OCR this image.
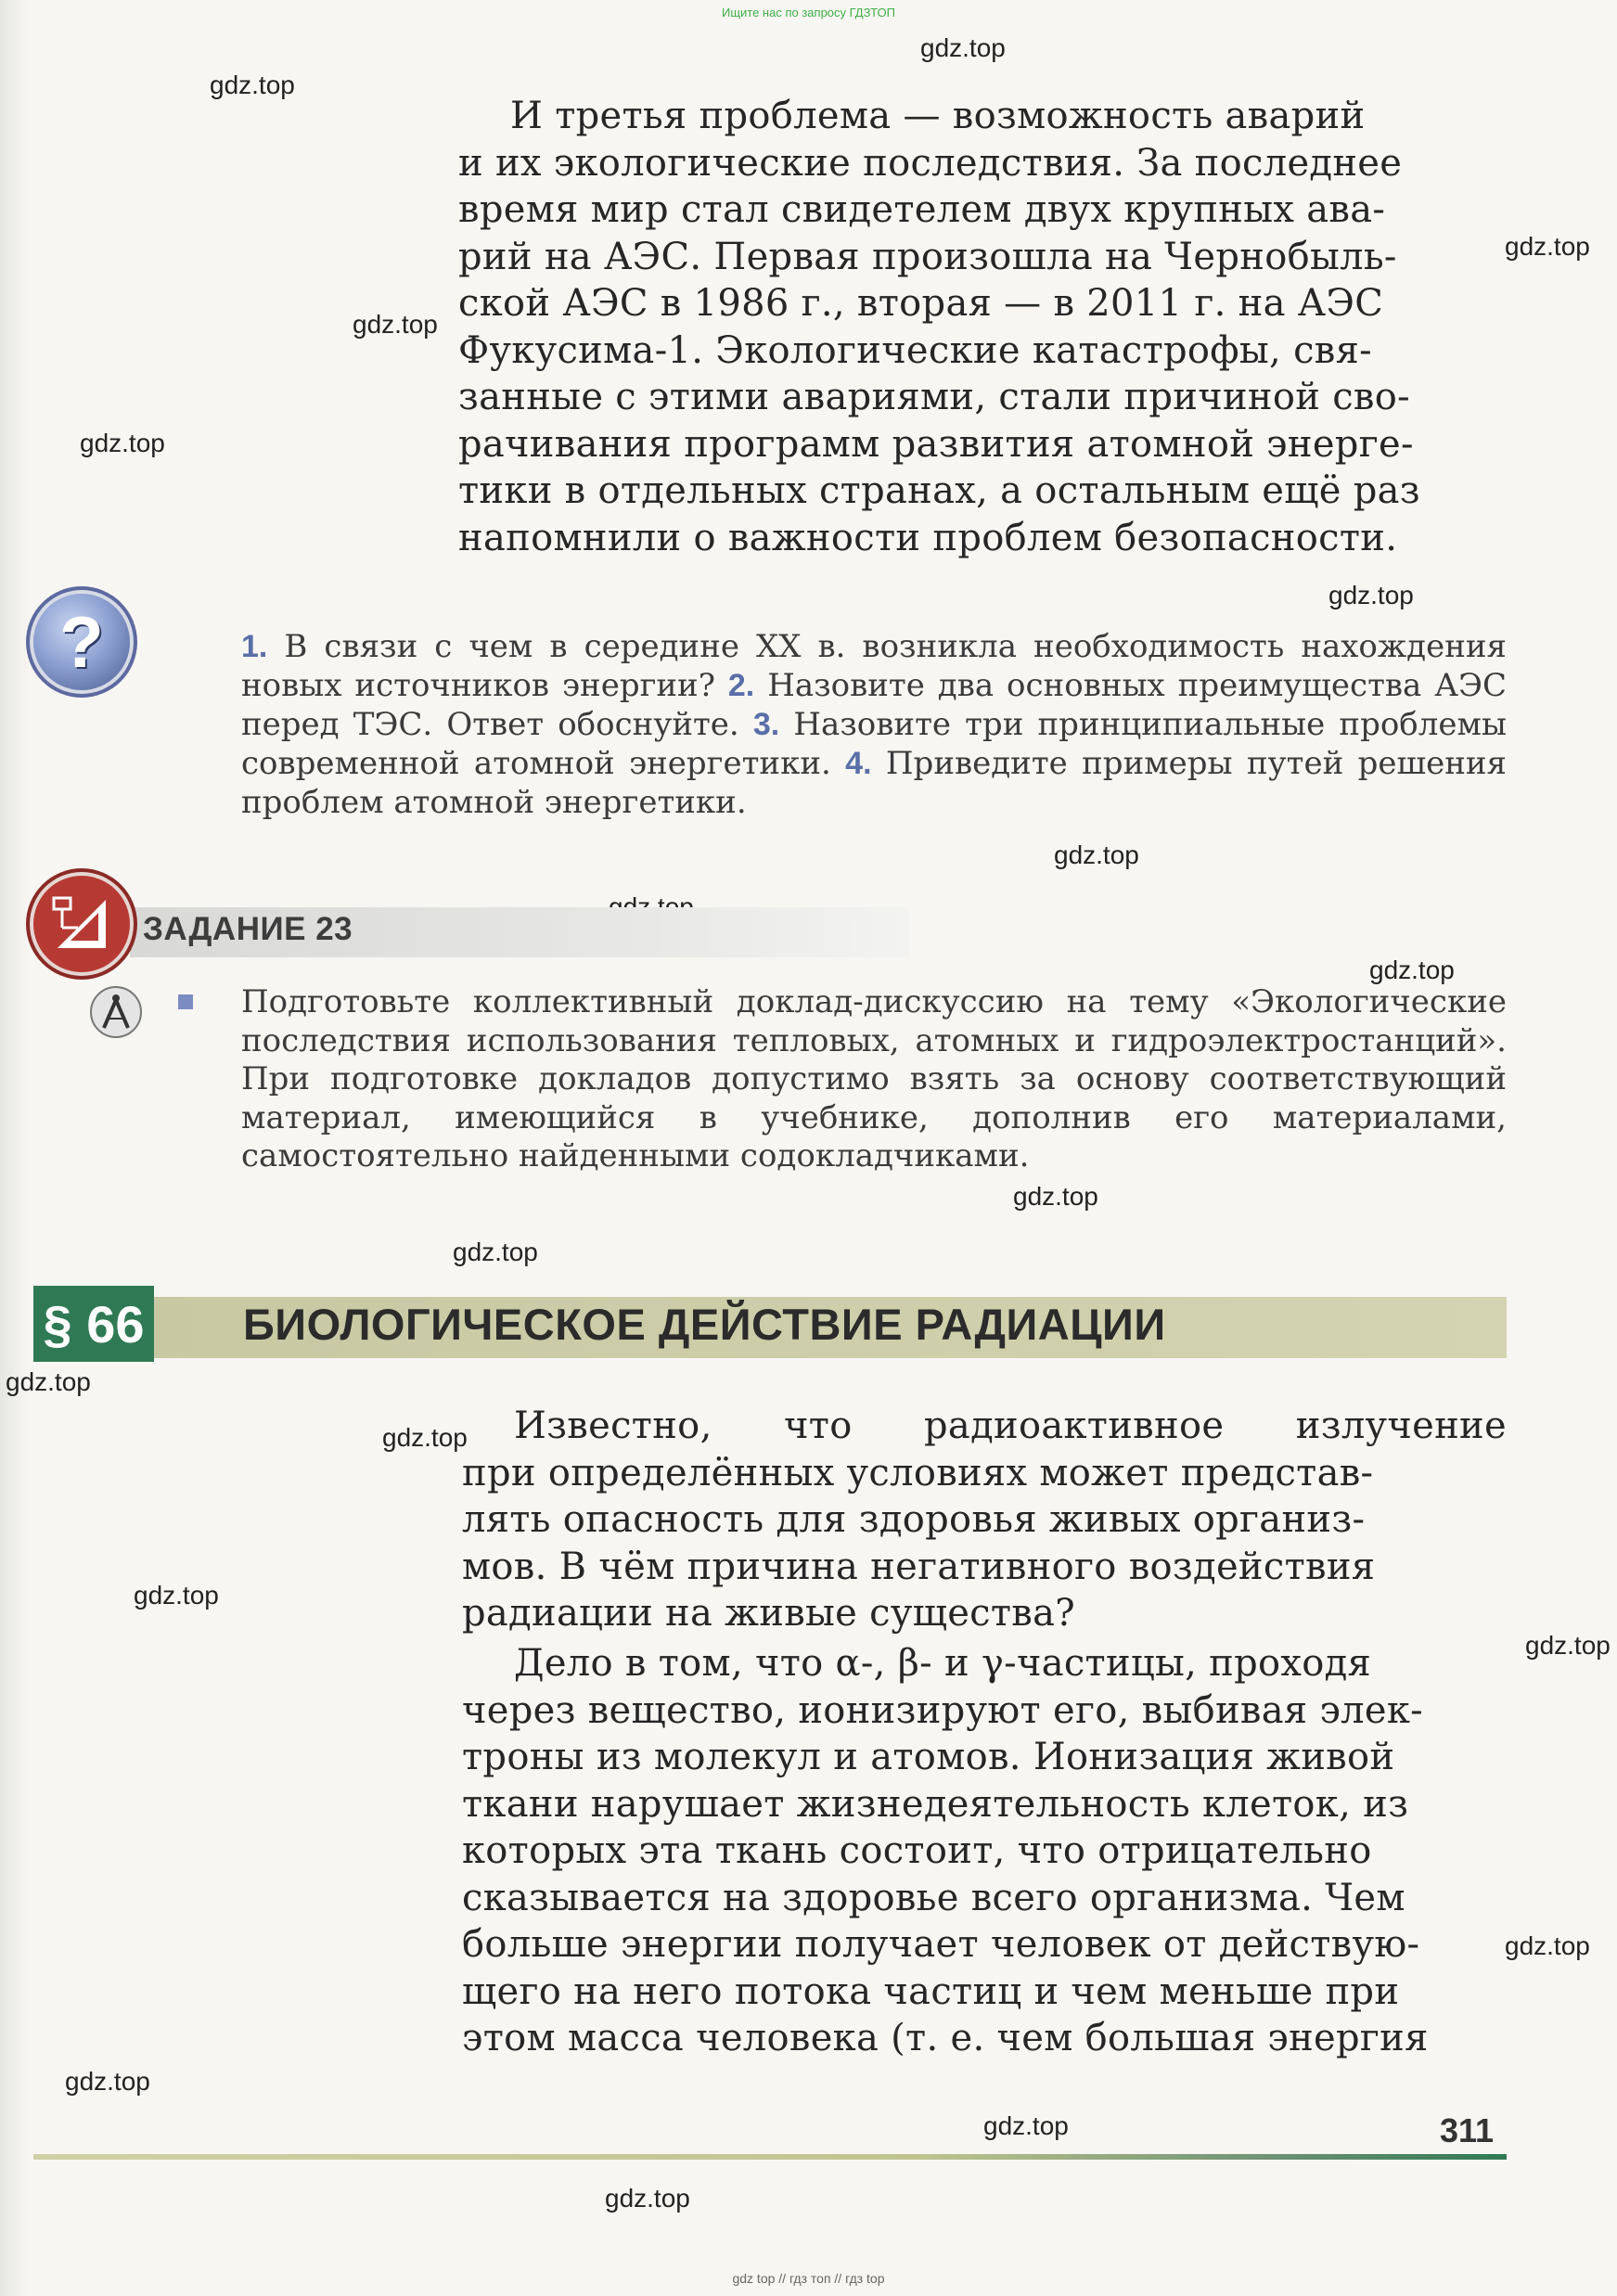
Ищите нас по запросу ГДЗТОП
gdz.top
gdz.top
gdz.top
gdz.top
gdz.top
gdz.top
gdz.top
gdz.top
gdz.top
gdz.top
gdz.top
gdz.top
gdz.top
gdz.top
gdz.top
gdz.top
gdz.top
gdz.top
И третья проблема — возможность аварий
и их экологические последствия. За последнее
время мир стал свидетелем двух крупных ава-
рий на АЭС. Первая произошла на Чернобыль-
ской АЭС в 1986 г., вторая — в 2011 г. на АЭС
Фукусима-1. Экологические катастрофы, свя-
занные с этими авариями, стали причиной сво-
рачивания программ развития атомной энерге-
тики в отдельных странах, а остальным ещё раз
напомнили о важности проблем безопасности.
?	1. В связи с чем в середине XX в. возникла необходимость нахождения новых источников энергии? 2. Назовите два основных преимущества АЭС перед ТЭС. Ответ обоснуйте. 3. Назовите три принципиальные проблемы современной атомной энергетики. 4. Приведите примеры путей решения проблем атомной энергетики.
ЗАДАНИЕ 23
Подготовьте коллективный доклад-дискуссию на тему «Экологические последствия использования тепловых, атомных и гидроэлектростанций». При подготовке докладов допустимо взять за основу соответствующий материал, имеющийся в учебнике, дополнив его материалами, самостоятельно найденными содокладчиками.
§ 66 БИОЛОГИЧЕСКОЕ ДЕЙСТВИЕ РАДИАЦИИ
Известно, что радиоактивное излучение
при определённых условиях может представ-
лять опасность для здоровья живых организ-
мов. В чём причина негативного воздействия
радиации на живые существа?
Дело в том, что α-, β- и γ-частицы, проходя
через вещество, ионизируют его, выбивая элек-
троны из молекул и атомов. Ионизация живой
ткани нарушает жизнедеятельность клеток, из
которых эта ткань состоит, что отрицательно
сказывается на здоровье всего организма. Чем
больше энергии получает человек от действую-
щего на него потока частиц и чем меньше при
этом масса человека (т. е. чем большая энергия
311
gdz top // гдз топ // гдз top
